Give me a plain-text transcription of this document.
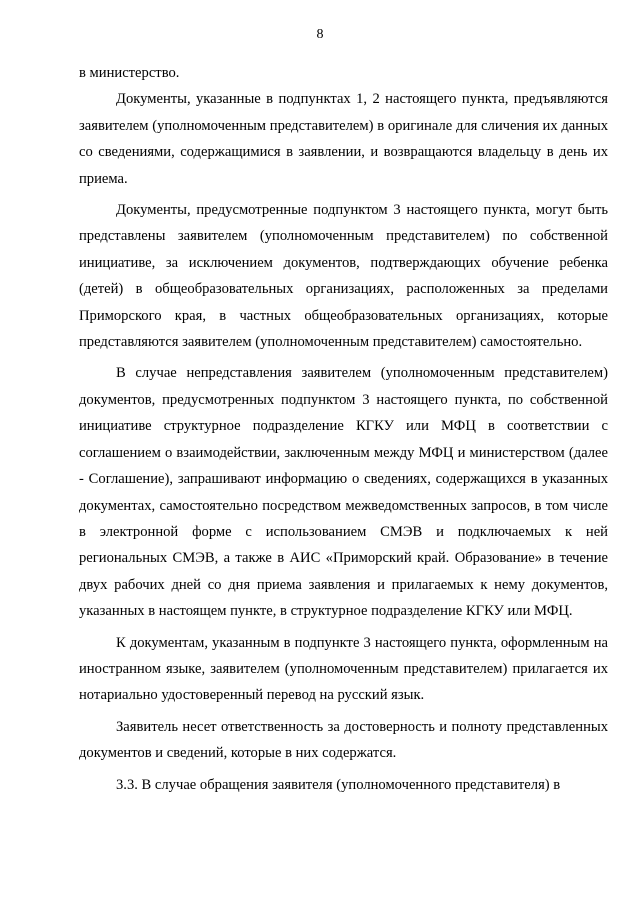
8

в министерство.

Документы, указанные в подпунктах 1, 2 настоящего пункта, предъявляются заявителем (уполномоченным представителем) в оригинале для сличения их данных со сведениями, содержащимися в заявлении, и возвращаются владельцу в день их приема.

Документы, предусмотренные подпунктом 3 настоящего пункта, могут быть представлены заявителем (уполномоченным представителем) по собственной инициативе, за исключением документов, подтверждающих обучение ребенка (детей) в общеобразовательных организациях, расположенных за пределами Приморского края, в частных общеобразовательных организациях, которые представляются заявителем (уполномоченным представителем) самостоятельно.

В случае непредставления заявителем (уполномоченным представителем) документов, предусмотренных подпунктом 3 настоящего пункта, по собственной инициативе структурное подразделение КГКУ или МФЦ в соответствии с соглашением о взаимодействии, заключенным между МФЦ и министерством (далее - Соглашение), запрашивают информацию о сведениях, содержащихся в указанных документах, самостоятельно посредством межведомственных запросов, в том числе в электронной форме с использованием СМЭВ и подключаемых к ней региональных СМЭВ, а также в АИС «Приморский край. Образование» в течение двух рабочих дней со дня приема заявления и прилагаемых к нему документов, указанных в настоящем пункте, в структурное подразделение КГКУ или МФЦ.

К документам, указанным в подпункте 3 настоящего пункта, оформленным на иностранном языке, заявителем (уполномоченным представителем) прилагается их нотариально удостоверенный перевод на русский язык.

Заявитель несет ответственность за достоверность и полноту представленных документов и сведений, которые в них содержатся.

3.3. В случае обращения заявителя (уполномоченного представителя) в
